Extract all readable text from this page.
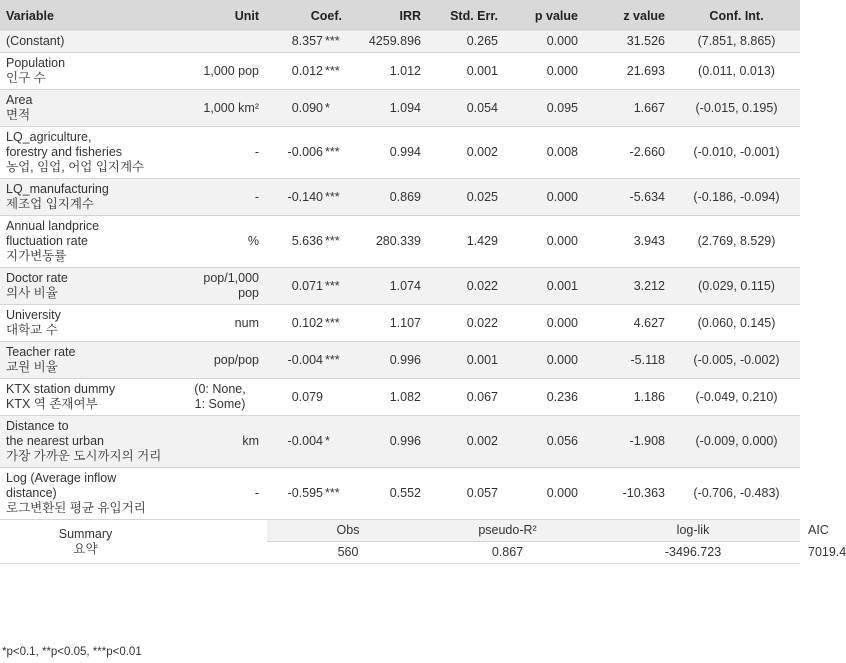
Variable	Unit	Coef.	IRR	Std. Err.	p value	z value	Conf. Int.	

(Constant)		8.357 ***	4259.896	0.265	0.000	31.526	(7.851, 8.865)	

Population
인구 수	1,000 pop	0.012 ***	1.012	0.001	0.000	21.693	(0.011, 0.013)	

Area
면적	1,000 km²	0.090 *	1.094	0.054	0.095	1.667	(-0.015, 0.195)	

LQ_agriculture,
forestry and fisheries
농업, 임업, 어업 입지계수	-	-0.006 ***	0.994	0.002	0.008	-2.660	(-0.010, -0.001)	

LQ_manufacturing
제조업 입지계수	-	-0.140 ***	0.869	0.025	0.000	-5.634	(-0.186, -0.094)	

Annual landprice
fluctuation rate
지가변동률	%	5.636 ***	280.339	1.429	0.000	3.943	(2.769, 8.529)	

Doctor rate
의사 비율	pop/1,000 pop	0.071 ***	1.074	0.022	0.001	3.212	(0.029, 0.115)	

University
대학교 수	num	0.102 ***	1.107	0.022	0.000	4.627	(0.060, 0.145)	

Teacher rate
교원 비율	pop/pop	-0.004 ***	0.996	0.001	0.000	-5.118	(-0.005, -0.002)	

KTX station dummy
KTX 역 존재여부	(0: None,
1: Some)	0.079	1.082	0.067	0.236	1.186	(-0.049, 0.210)	

Distance to
the nearest urban
가장 가까운 도시까지의 거리	km	-0.004 *	0.996	0.002	0.056	-1.908	(-0.009, 0.000)	

Log (Average inflow
distance)
로그변환된 평균 유입거리	-	-0.595 ***	0.552	0.057	0.000	-10.363	(-0.706, -0.483)	

Summary
요약		Obs		pseudo-R²		log-lik		AIC
		560		0.867		-3496.723		7019.4
*p<0.1, **p<0.05, ***p<0.01
